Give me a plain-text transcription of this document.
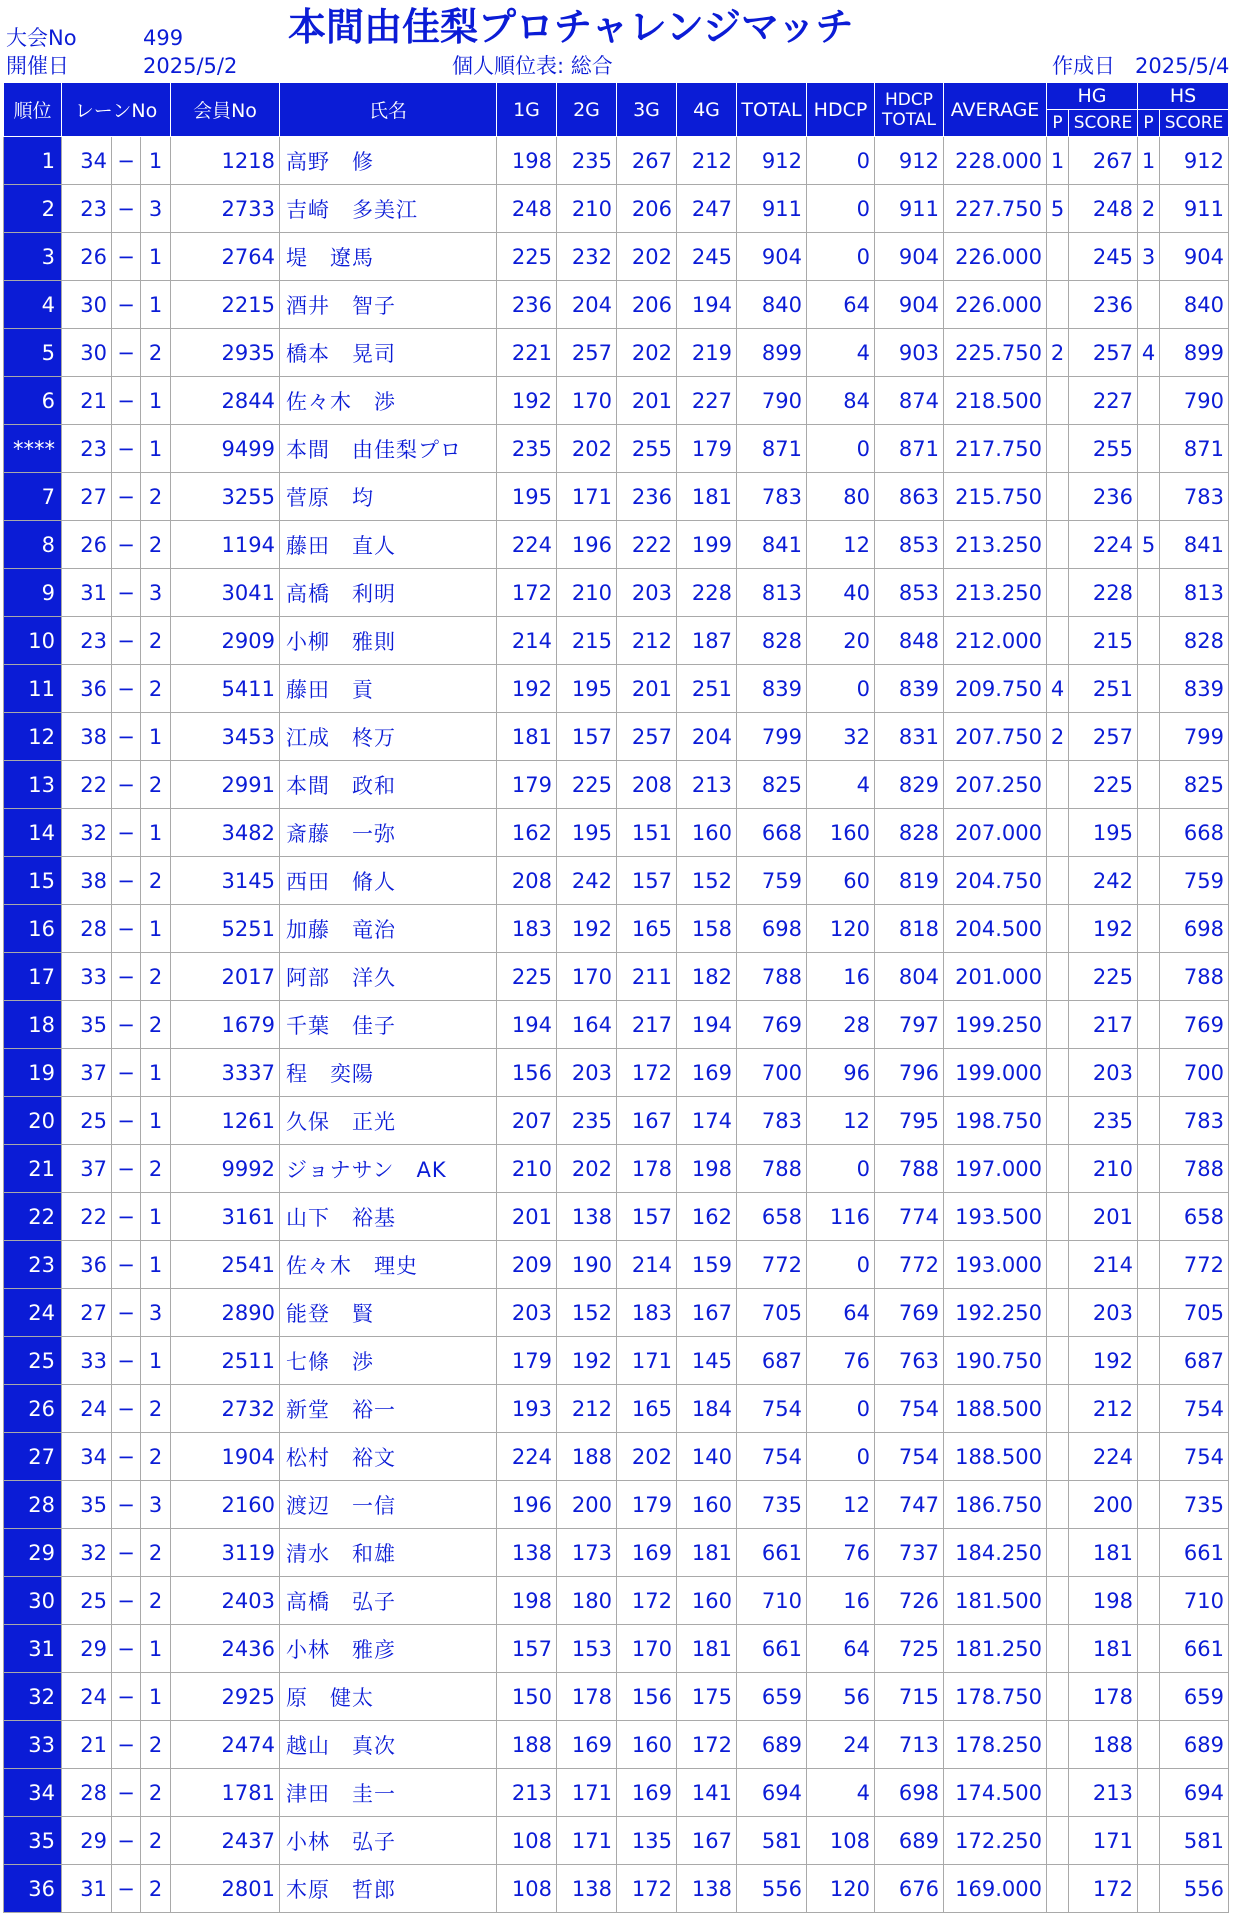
大会No	499
開催日	2025/5/2
本間由佳梨プロチャレンジマッチ
個人順位表: 総合	作成日 2025/5/4
順位	レーンNo			会員No	氏名	1G	2G	3G	4G	TOTAL	HDCP	HDCP
TOTAL	AVERAGE	HG		HS	
														P	SCORE	P	SCORE
1	34	−	1	1218	高野　修	198	235	267	212	912	0	912	228.000	1	267	1	912
2	23	−	3	2733	吉崎　多美江	248	210	206	247	911	0	911	227.750	5	248	2	911
3	26	−	1	2764	堤　遼馬	225	232	202	245	904	0	904	226.000		245	3	904
4	30	−	1	2215	酒井　智子	236	204	206	194	840	64	904	226.000		236		840
5	30	−	2	2935	橋本　晃司	221	257	202	219	899	4	903	225.750	2	257	4	899
6	21	−	1	2844	佐々木　渉	192	170	201	227	790	84	874	218.500		227		790
****	23	−	1	9499	本間　由佳梨プロ	235	202	255	179	871	0	871	217.750		255		871
7	27	−	2	3255	菅原　均	195	171	236	181	783	80	863	215.750		236		783
8	26	−	2	1194	藤田　直人	224	196	222	199	841	12	853	213.250		224	5	841
9	31	−	3	3041	高橋　利明	172	210	203	228	813	40	853	213.250		228		813
10	23	−	2	2909	小柳　雅則	214	215	212	187	828	20	848	212.000		215		828
11	36	−	2	5411	藤田　貢	192	195	201	251	839	0	839	209.750	4	251		839
12	38	−	1	3453	江成　柊万	181	157	257	204	799	32	831	207.750	2	257		799
13	22	−	2	2991	本間　政和	179	225	208	213	825	4	829	207.250		225		825
14	32	−	1	3482	斎藤　一弥	162	195	151	160	668	160	828	207.000		195		668
15	38	−	2	3145	西田　脩人	208	242	157	152	759	60	819	204.750		242		759
16	28	−	1	5251	加藤　竜治	183	192	165	158	698	120	818	204.500		192		698
17	33	−	2	2017	阿部　洋久	225	170	211	182	788	16	804	201.000		225		788
18	35	−	2	1679	千葉　佳子	194	164	217	194	769	28	797	199.250		217		769
19	37	−	1	3337	程　奕陽	156	203	172	169	700	96	796	199.000		203		700
20	25	−	1	1261	久保　正光	207	235	167	174	783	12	795	198.750		235		783
21	37	−	2	9992	ジョナサン　AK	210	202	178	198	788	0	788	197.000		210		788
22	22	−	1	3161	山下　裕基	201	138	157	162	658	116	774	193.500		201		658
23	36	−	1	2541	佐々木　理史	209	190	214	159	772	0	772	193.000		214		772
24	27	−	3	2890	能登　賢	203	152	183	167	705	64	769	192.250		203		705
25	33	−	1	2511	七條　渉	179	192	171	145	687	76	763	190.750		192		687
26	24	−	2	2732	新堂　裕一	193	212	165	184	754	0	754	188.500		212		754
27	34	−	2	1904	松村　裕文	224	188	202	140	754	0	754	188.500		224		754
28	35	−	3	2160	渡辺　一信	196	200	179	160	735	12	747	186.750		200		735
29	32	−	2	3119	清水　和雄	138	173	169	181	661	76	737	184.250		181		661
30	25	−	2	2403	高橋　弘子	198	180	172	160	710	16	726	181.500		198		710
31	29	−	1	2436	小林　雅彦	157	153	170	181	661	64	725	181.250		181		661
32	24	−	1	2925	原　健太	150	178	156	175	659	56	715	178.750		178		659
33	21	−	2	2474	越山　真次	188	169	160	172	689	24	713	178.250		188		689
34	28	−	2	1781	津田　圭一	213	171	169	141	694	4	698	174.500		213		694
35	29	−	2	2437	小林　弘子	108	171	135	167	581	108	689	172.250		171		581
36	31	−	2	2801	木原　哲郎	108	138	172	138	556	120	676	169.000		172		556
